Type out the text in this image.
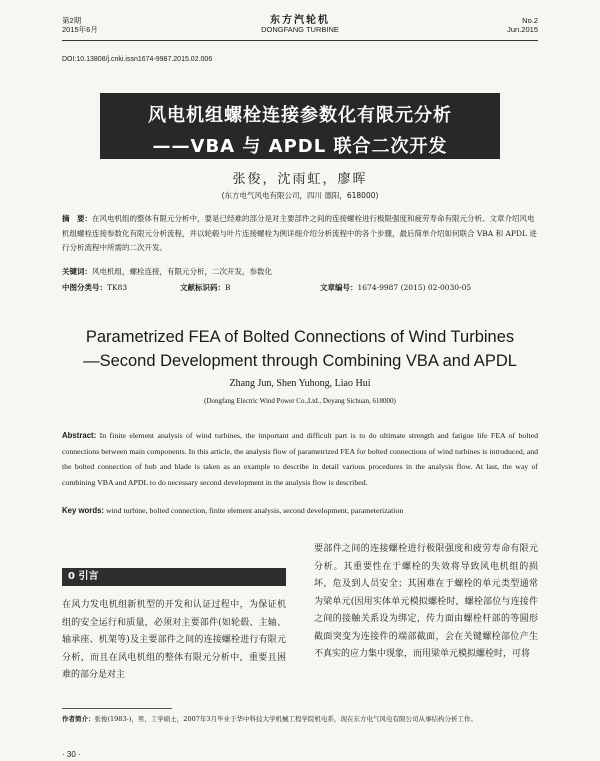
第2期
2015年6月
东方汽轮机
DONGFANG TURBINE
No.2
Jun.2015
DOI:10.13808/j.cnki.issn1674-9987.2015.02.006
风电机组螺栓连接参数化有限元分析
——VBA 与 APDL 联合二次开发
张俊，沈雨虹，廖晖
(东方电气风电有限公司，四川 德阳，618000)
摘　要：在风电机组的整体有限元分析中，要是已经难的部分是对主要部件之间的连接螺栓进行极限强度和疲劳寿命有限元分析。文章介绍风电机组螺栓连接参数化有限元分析流程，并以轮毂与叶片连接螺栓为例详细介绍分析流程中的各个步骤，最后简单介绍如何联合 VBA 和 APDL 进行分析流程中所需的二次开发。
关键词：风电机组，螺栓连接，有限元分析，二次开发，参数化
中图分类号：TK83	文献标识码：B	文章编号：1674-9987 (2015) 02-0030-05
Parametrized FEA of Bolted Connections of Wind Turbines
—Second Development through Combining VBA and APDL
Zhang Jun, Shen Yuhong, Liao Hui
(Dongfang Electric Wind Power Co.,Ltd., Deyang Sichuan, 618000)
Abstract: In finite element analysis of wind turbines, the important and difficult part is to do ultimate strength and fatigue life FEA of bolted connections between main components. In this article, the analysis flow of parametrized FEA for bolted connections of wind turbines is introduced, and the bolted connection of hub and blade is taken as an example to describe in detail various procedures in the analysis flow. At last, the way of combining VBA and APDL to do necessary second development in the analysis flow is described.
Key words: wind turbine, bolted connection, finite element analysis, second development, parameterization
0 引言
在风力发电机组新机型的开发和认证过程中，为保证机组的安全运行和质量，必须对主要部件(如轮毂、主轴、轴承座、机架等)及主要部件之间的连接螺栓进行有限元分析，而且在风电机组的整体有限元分析中，重要且困难的部分是对主
要部件之间的连接螺栓进行极限强度和疲劳寿命有限元分析。其重要性在于螺栓的失效将导致风电机组的损坏，危及到人员安全；其困难在于螺栓的单元类型通常为梁单元(因用实体单元模拟螺栓时，螺栓部位与连接件之间的接触关系设为绑定，传力面由螺栓杆部的等圆形截面突变为连接件的端部截面，会在关键螺栓部位产生不真实的应力集中现象，而用梁单元模拟螺栓时，可将
作者简介：张俊(1983-)，男，工学硕士，2007年3月毕业于华中科技大学机械工程学院机电系，现在东方电气风电有限公司从事结构分析工作。
· 30 ·
